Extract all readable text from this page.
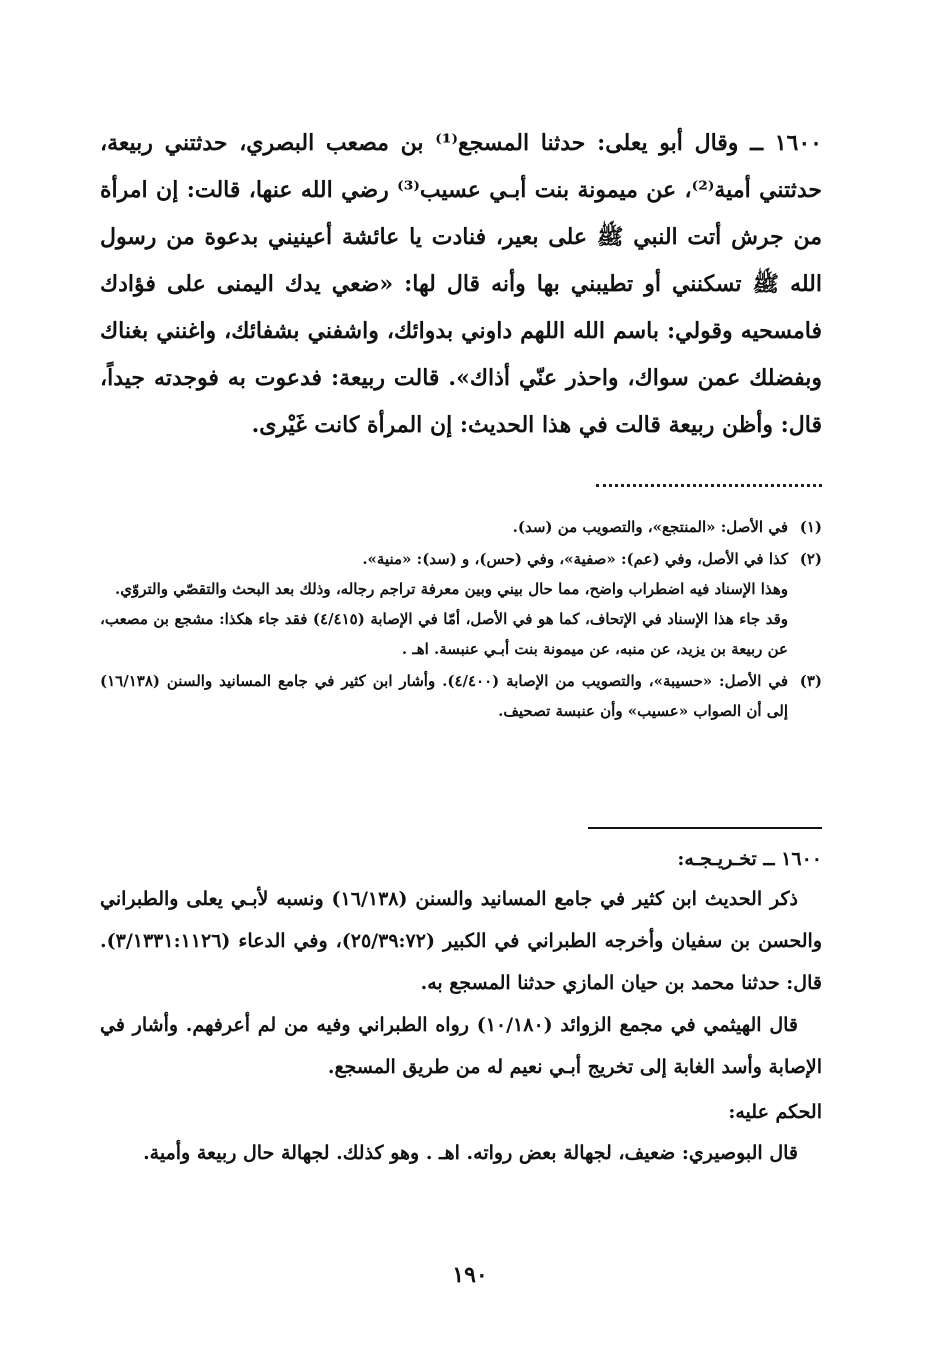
١٦٠٠ ــ وقال أبو يعلى: حدثنا المسجع⁽¹⁾ بن مصعب البصري، حدثتني ربيعة، حدثتني أمية⁽²⁾، عن ميمونة بنت أبـي عسيب⁽³⁾ رضي الله عنها، قالت: إن امرأة من جرش أتت النبي ﷺ على بعير، فنادت يا عائشة أعينيني بدعوة من رسول الله ﷺ تسكنني أو تطيبني بها وأنه قال لها: «ضعي يدك اليمنى على فؤادك فامسحيه وقولي: باسم الله اللهم داوني بدوائك، واشفني بشفائك، واغنني بغناك وبفضلك عمن سواك، واحذر عنّي أذاك». قالت ربيعة: فدعوت به فوجدته جيداً، قال: وأظن ربيعة قالت في هذا الحديث: إن المرأة كانت غَيْرى.

(١)
في الأصل: «المنتجع»، والتصويب من (سد).
(٢)
كذا في الأصل، وفي (عم): «صفية»، وفي (حس)، و (سد): «منية».
وهذا الإسناد فيه اضطراب واضح، مما حال بيني وبين معرفة تراجم رجاله، وذلك بعد البحث والتقصّي والتروّي.
وقد جاء هذا الإسناد في الإتحاف، كما هو في الأصل، أمّا في الإصابة (٤/٤١٥) فقد جاء هكذا: مشجع بن مصعب، عن ربيعة بن يزيد، عن منبه، عن ميمونة بنت أبـي عنبسة. اهـ .
(٣)
في الأصل: «حسيبة»، والتصويب من الإصابة (٤/٤٠٠). وأشار ابن كثير في جامع المسانيد والسنن (١٦/١٣٨) إلى أن الصواب «عسيب» وأن عنبسة تصحيف.

١٦٠٠ ــ تخـريـجـه:

ذكر الحديث ابن كثير في جامع المسانيد والسنن (١٦/١٣٨) ونسبه لأبـي يعلى والطبراني والحسن بن سفيان وأخرجه الطبراني في الكبير (٢٥/٣٩:٧٢)، وفي الدعاء (٣/١٣٣١:١١٢٦). قال: حدثنا محمد بن حيان المازي حدثنا المسجع به.

قال الهيثمي في مجمع الزوائد (١٠/١٨٠) رواه الطبراني وفيه من لم أعرفهم. وأشار في الإصابة وأسد الغابة إلى تخريج أبـي نعيم له من طريق المسجع.

الحكم عليه:

قال البوصيري: ضعيف، لجهالة بعض رواته. اهـ . وهو كذلك. لجهالة حال ربيعة وأمية.

١٩٠
